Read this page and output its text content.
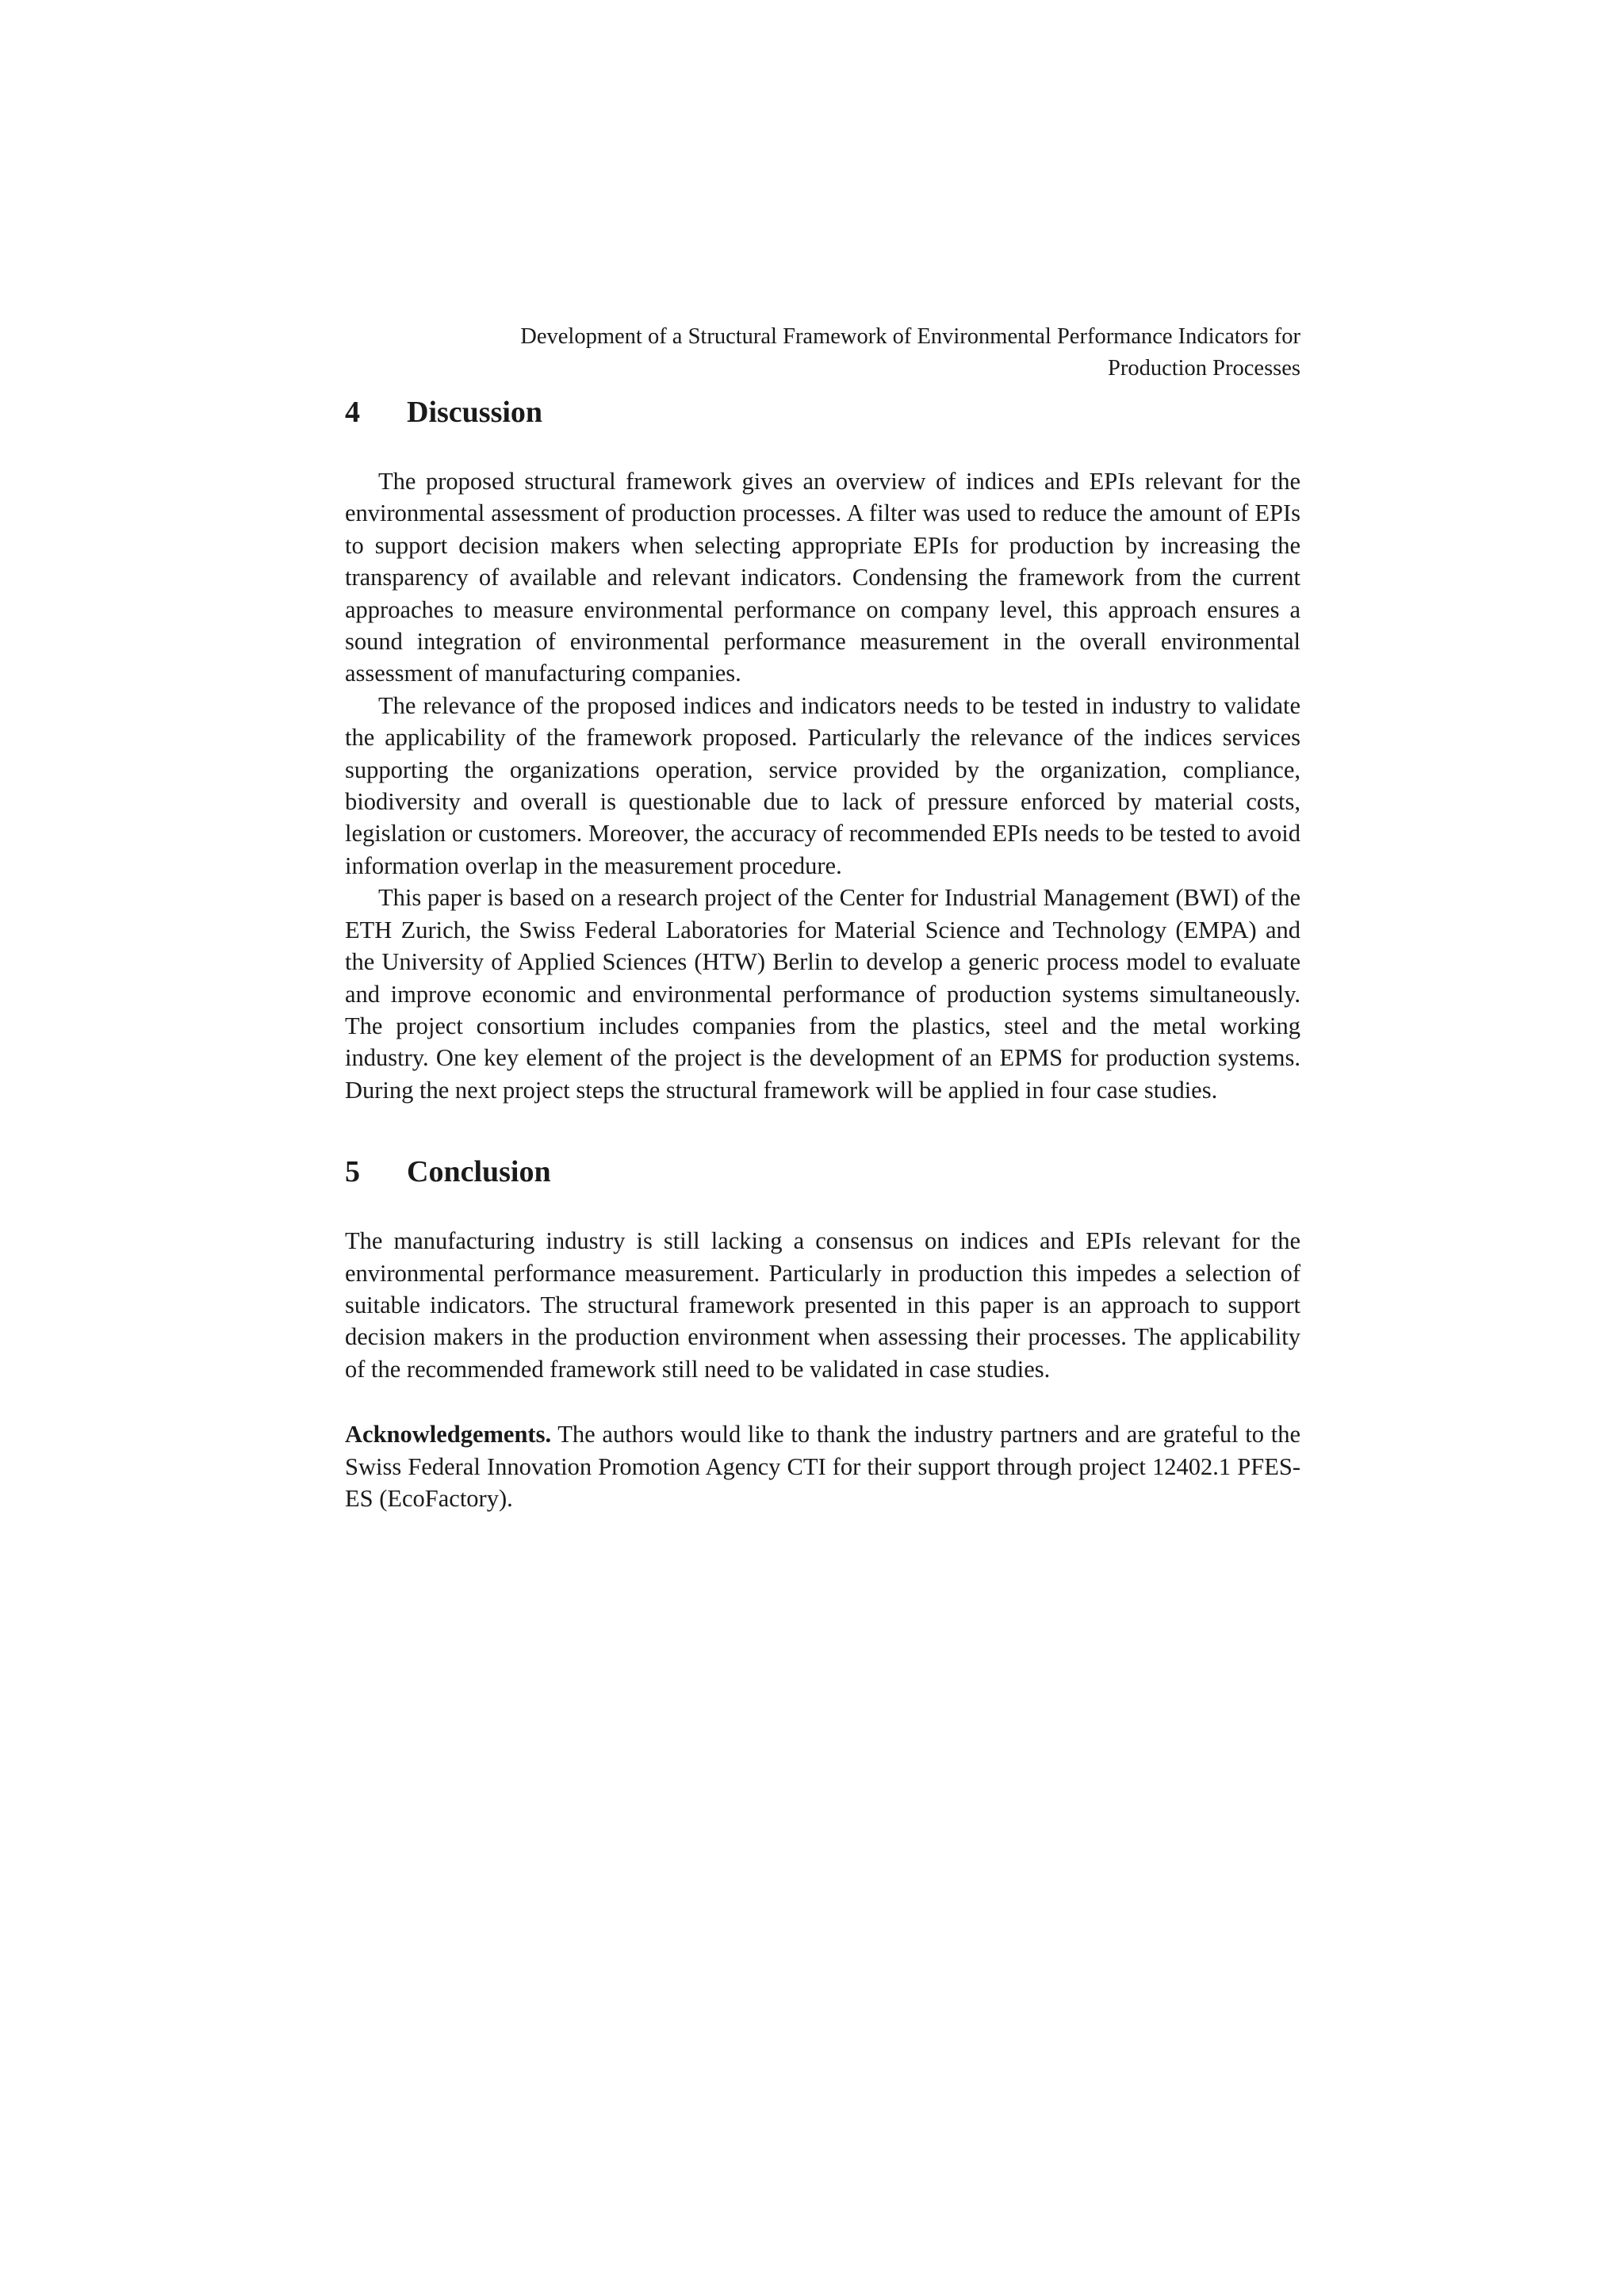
Development of a Structural Framework of Environmental Performance Indicators for
Production Processes
4	Discussion

The proposed structural framework gives an overview of indices and EPIs relevant for the environmental assessment of production processes. A filter was used to reduce the amount of EPIs to support decision makers when selecting appropriate EPIs for production by increasing the transparency of available and relevant indicators. Condensing the framework from the current approaches to measure environmental performance on company level, this approach ensures a sound integration of environmental performance measurement in the overall environmental assessment of manufacturing companies.

The relevance of the proposed indices and indicators needs to be tested in industry to validate the applicability of the framework proposed. Particularly the relevance of the indices services supporting the organizations operation, service provided by the organization, compliance, biodiversity and overall is questionable due to lack of pressure enforced by material costs, legislation or customers. Moreover, the accuracy of recommended EPIs needs to be tested to avoid information overlap in the measurement procedure.

This paper is based on a research project of the Center for Industrial Management (BWI) of the ETH Zurich, the Swiss Federal Laboratories for Material Science and Technology (EMPA) and the University of Applied Sciences (HTW) Berlin to develop a generic process model to evaluate and improve economic and environmental performance of production systems simultaneously. The project consortium includes companies from the plastics, steel and the metal working industry. One key element of the project is the development of an EPMS for production systems. During the next project steps the structural framework will be applied in four case studies.

5	Conclusion

The manufacturing industry is still lacking a consensus on indices and EPIs relevant for the environmental performance measurement. Particularly in production this impedes a selection of suitable indicators. The structural framework presented in this paper is an approach to support decision makers in the production environment when assessing their processes. The applicability of the recommended framework still need to be validated in case studies.

Acknowledgements. The authors would like to thank the industry partners and are grateful to the Swiss Federal Innovation Promotion Agency CTI for their support through project 12402.1 PFES-ES (EcoFactory).
